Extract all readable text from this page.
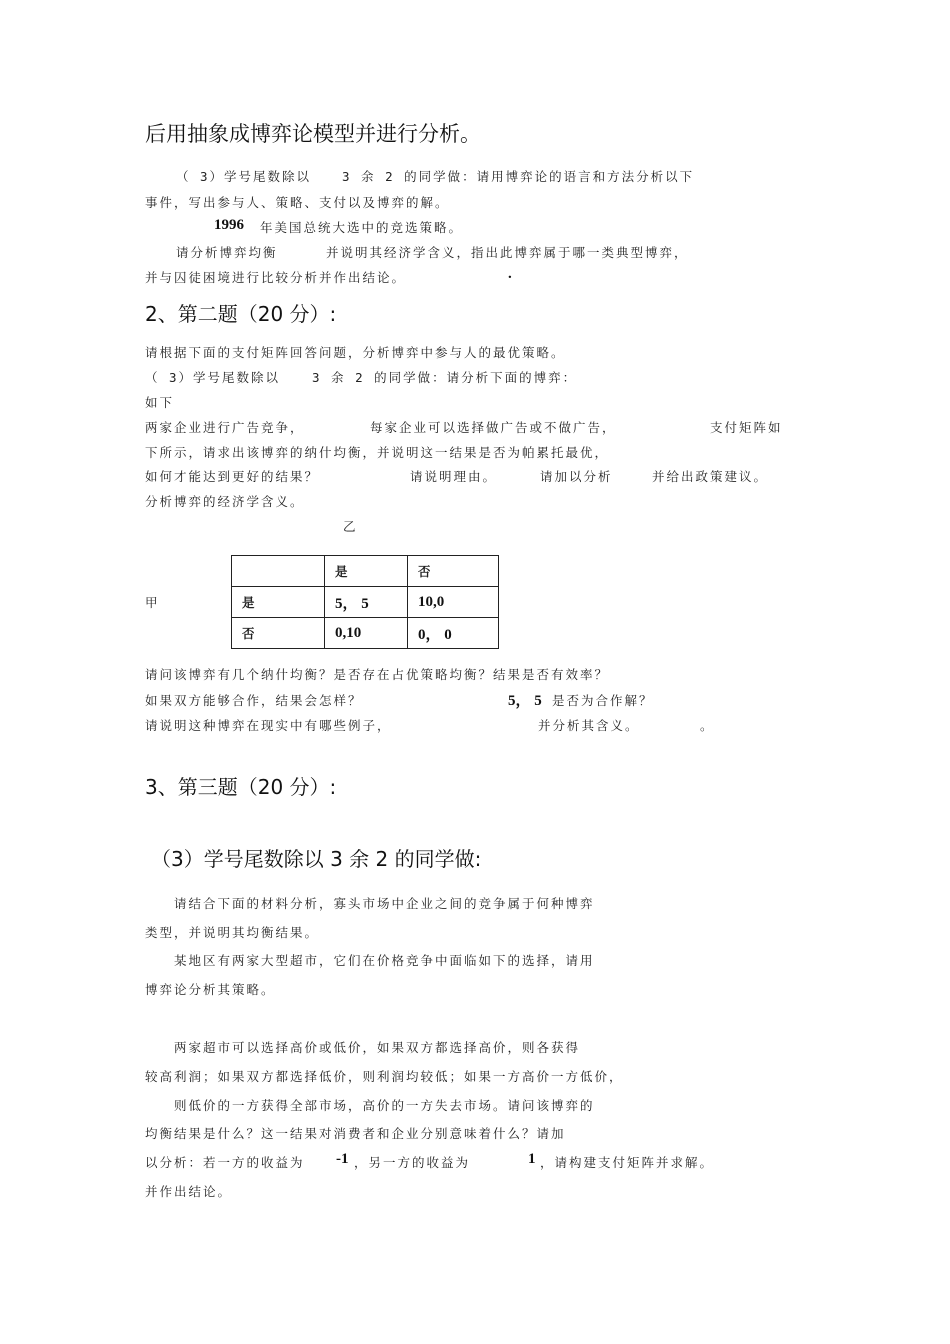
后用抽象成博弈论模型并进行分析。
（ 3）学号尾数除以 3 余 2 的同学做：请用博弈论的语言和方法分析以下
事件，写出参与人、策略、支付以及博弈的解。

1996 年美国总统大选中的竞选策略。
请分析博弈均衡	并说明其经济学含义，指出此博弈属于哪一类典型博弈，
并与囚徒困境进行比较分析并作出结论。	.
2、第二题（20 分）:
请根据下面的支付矩阵回答问题，分析博弈中参与人的最优策略。
（ 3）学号尾数除以	3 余 2 的同学做：请分析下面的博弈：
如下
两家企业进行广告竞争，	每家企业可以选择做广告或不做广告，	支付矩阵如
下所示，请求出该博弈的纳什均衡，并说明这一结果是否为帕累托最优，
如何才能达到更好的结果？	请说明理由。	请加以分析	并给出政策建议。
分析博弈的经济学含义。
乙
甲
	是	否
是	5， 5	10,0
否	0,10	0， 0
请问该博弈有几个纳什均衡？是否存在占优策略均衡？结果是否有效率？
如果双方能够合作，结果会怎样？	5， 5 是否为合作解？
请说明这种博弈在现实中有哪些例子，	并分析其含义。	。
3、第三题（20 分）:
（3）学号尾数除以 3 余 2 的同学做:
　　请结合下面的材料分析，寡头市场中企业之间的竞争属于何种博弈
类型，并说明其均衡结果。
　　某地区有两家大型超市，它们在价格竞争中面临如下的选择，请用
博弈论分析其策略。

　　两家超市可以选择高价或低价，如果双方都选择高价，则各获得
较高利润；如果双方都选择低价，则利润均较低；如果一方高价一方低价，
　　则低价的一方获得全部市场，高价的一方失去市场。请问该博弈的
均衡结果是什么？这一结果对消费者和企业分别意味着什么？请加
以分析：若一方的收益为 -1 ，另一方的收益为	1 ，请构建支付矩阵并求解。
并作出结论。
